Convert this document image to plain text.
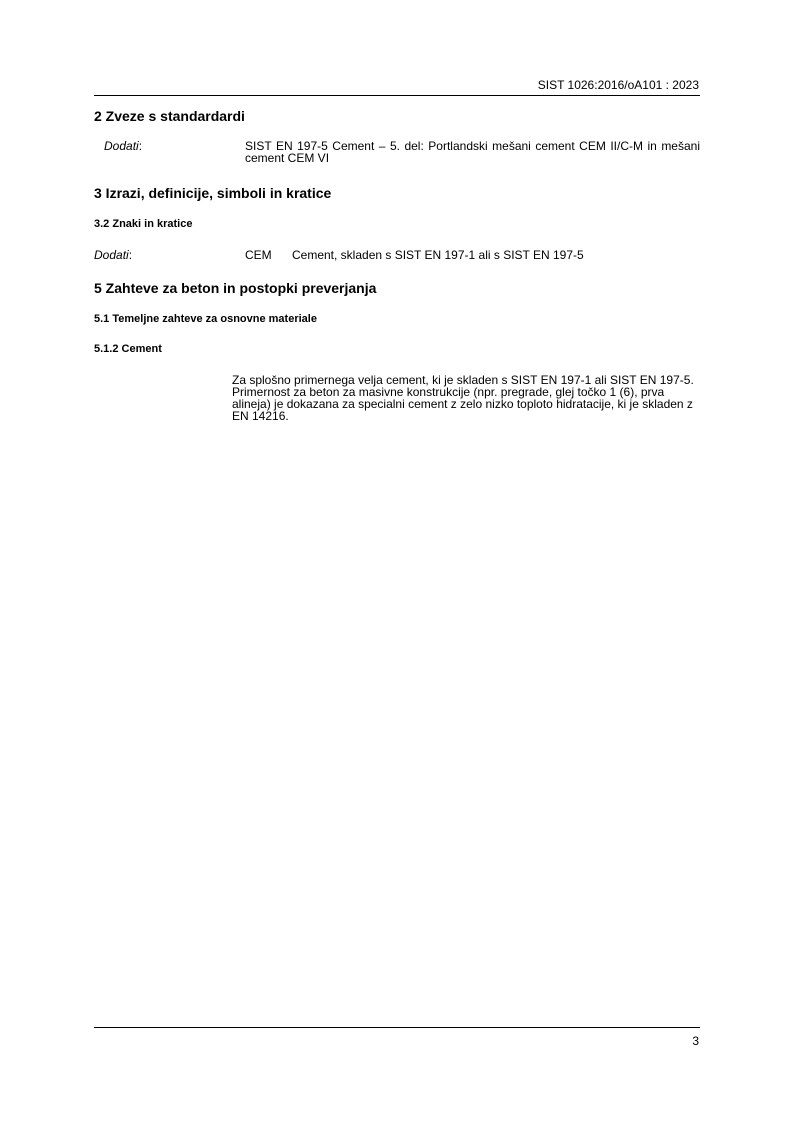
SIST 1026:2016/oA101 : 2023
2 Zveze s standardardi
Dodati:	SIST EN 197-5 Cement – 5. del: Portlandski mešani cement CEM II/C-M in mešani cement CEM VI
3 Izrazi, definicije, simboli in kratice
3.2 Znaki in kratice
Dodati:	CEM Cement, skladen s SIST EN 197-1 ali s SIST EN 197-5
5 Zahteve za beton in postopki preverjanja
5.1 Temeljne zahteve za osnovne materiale
5.1.2 Cement
Za splošno primernega velja cement, ki je skladen s SIST EN 197-1 ali SIST EN 197-5. Primernost za beton za masivne konstrukcije (npr. pregrade, glej točko 1 (6), prva alineja) je dokazana za specialni cement z zelo nizko toploto hidratacije, ki je skladen z EN 14216.
3
